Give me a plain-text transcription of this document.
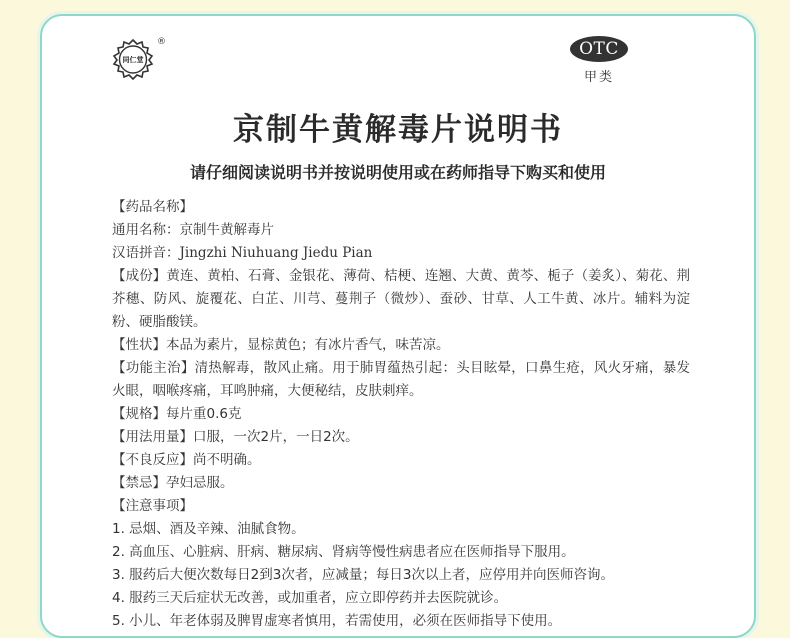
同仁堂
®	OTC
甲类
京制牛黄解毒片说明书
请仔细阅读说明书并按说明使用或在药师指导下购买和使用
【药品名称】
通用名称：京制牛黄解毒片
汉语拼音：Jingzhi Niuhuang Jiedu Pian
【成份】黄连、黄柏、石膏、金银花、薄荷、桔梗、连翘、大黄、黄芩、栀子（姜炙）、菊花、荆芥穗、防风、旋覆花、白芷、川芎、蔓荆子（微炒）、蚕砂、甘草、人工牛黄、冰片。辅料为淀粉、硬脂酸镁。
【性状】本品为素片，显棕黄色；有冰片香气，味苦凉。
【功能主治】清热解毒，散风止痛。用于肺胃蕴热引起：头目眩晕，口鼻生疮，风火牙痛，暴发火眼，咽喉疼痛，耳鸣肿痛，大便秘结，皮肤刺痒。
【规格】每片重0.6克
【用法用量】口服，一次2片，一日2次。
【不良反应】尚不明确。
【禁忌】孕妇忌服。
【注意事项】
1. 忌烟、酒及辛辣、油腻食物。
2. 高血压、心脏病、肝病、糖尿病、肾病等慢性病患者应在医师指导下服用。
3. 服药后大便次数每日2到3次者，应减量；每日3次以上者，应停用并向医师咨询。
4. 服药三天后症状无改善，或加重者，应立即停药并去医院就诊。
5. 小儿、年老体弱及脾胃虚寒者慎用，若需使用，必须在医师指导下使用。
